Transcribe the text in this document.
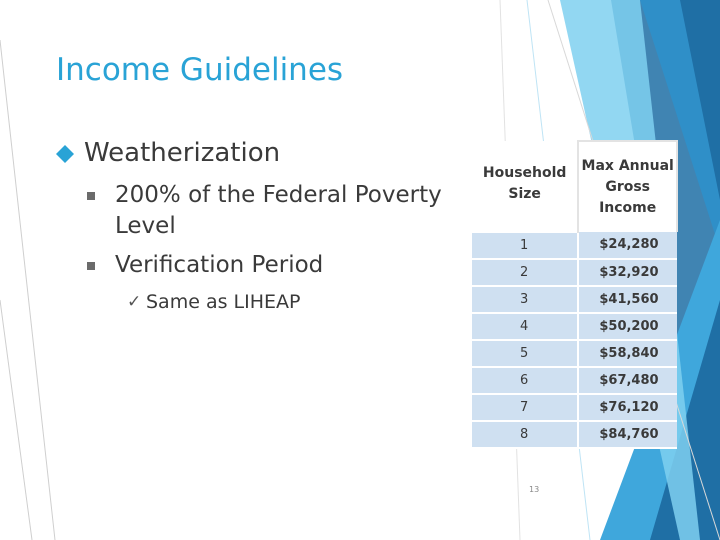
Income Guidelines
Weatherization
200% of the Federal Poverty Level
Verification Period
✓ Same as LIHEAP
Household Size	Max Annual Gross Income
1	$24,280
2	$32,920
3	$41,560
4	$50,200
5	$58,840
6	$67,480
7	$76,120
8	$84,760
13
